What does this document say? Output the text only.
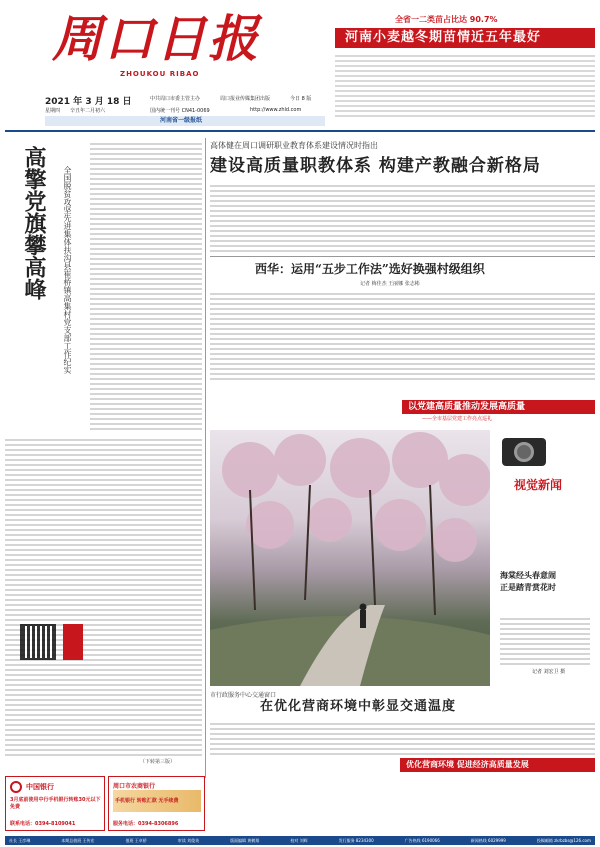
周口日报
ZHOUKOU RIBAO
2021 年 3 月 18 日
星期四 辛丑年二月初六
中共周口市委主管主办	周口报业传媒集团出版	今日 8 版
国内统一刊号 CN41-0069	http://www.zhld.com
河南省一级报纸
全省一二类苗占比达 90.7%
河南小麦越冬期苗情近五年最好
高擎党旗攀高峰	全国脱贫攻坚先进集体扶沟县崔桥镇高集村党支部工作纪实
（下转第三版）
高体健在周口调研职业教育体系建设情况时指出
建设高质量职教体系 构建产教融合新格局
西华：运用“五步工作法”选好换强村级组织
记者 梅佳杰 王丽娜 张志彬
以党建高质量推动发展高质量
——全市基层党建工作亮点巡礼
视觉新闻
海棠经头春意闹
正是踏青赏花时
记者 刘宏卫 摄
市行政服务中心交通窗口
在优化营商环境中彰显交通温度
优化营商环境 促进经济高质量发展
中国银行
3月底前使用中行手机银行转账30元以下免费
联系电话：0394-8109041
周口市农商银行
手机银行 转账汇款 无手续费
服务电话：0394-8306896
社长 王彦琳	本期总值班 王传宏	值班 王卓桥	审读 刘俊英	版面编辑 黄鹤翔	校对 刘辉	发行服务 8234300	广告热线 6190066	新闻热线 6029999	投稿邮箱 zkrbzbs@126.com
